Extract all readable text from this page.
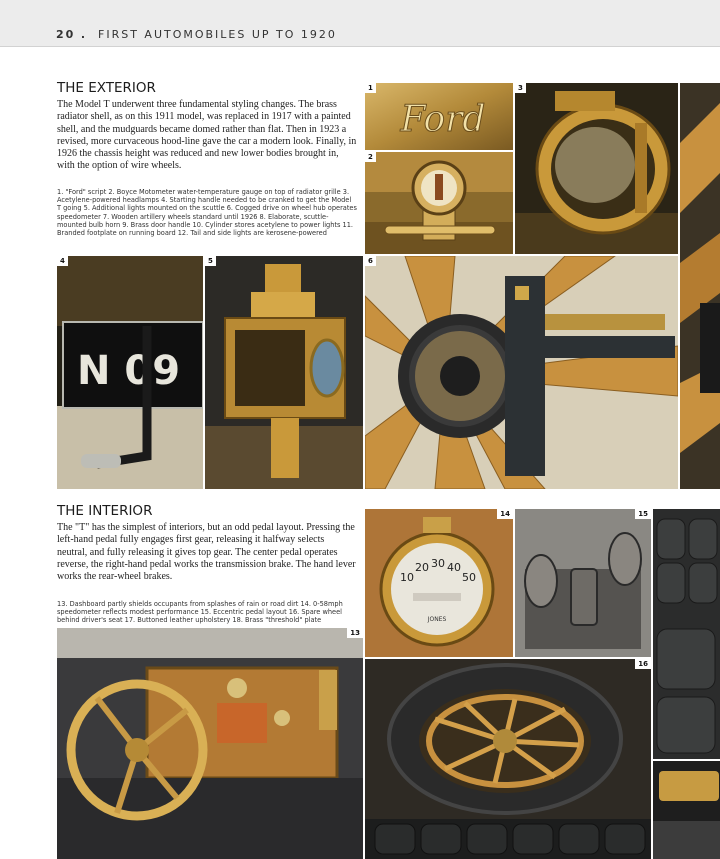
20 . FIRST AUTOMOBILES UP TO 1920
THE EXTERIOR
The Model T underwent three fundamental styling changes. The brass radiator shell, as on this 1911 model, was replaced in 1917 with a painted shell, and the mudguards became domed rather than flat. Then in 1923 a revised, more curvaceous hood-line gave the car a modern look. Finally, in 1926 the chassis height was reduced and new lower bodies brought in, with the option of wire wheels.
1. "Ford" script 2. Boyce Motometer water-temperature gauge on top of radiator grille 3. Acetylene-powered headlamps 4. Starting handle needed to be cranked to get the Model T going 5. Additional lights mounted on the scuttle 6. Cogged drive on wheel hub operates speedometer 7. Wooden artillery wheels standard until 1926 8. Elaborate, scuttle-mounted bulb horn 9. Brass door handle 10. Cylinder stores acetylene to power lights 11. Branded footplate on running board 12. Tail and side lights are kerosene-powered
Ford
1
2
3
N 09
4	5	6
THE INTERIOR
The "T" has the simplest of interiors, but an odd pedal layout. Pressing the left-hand pedal fully engages first gear, releasing it halfway selects neutral, and fully releasing it gives top gear. The center pedal operates reverse, the right-hand pedal works the transmission brake. The hand lever works the rear-wheel brakes.
13. Dashboard partly shields occupants from splashes of rain or road dirt 14. 0-58mph speedometer reflects modest performance 15. Eccentric pedal layout 16. Spare wheel behind driver's seat 17. Buttoned leather upholstery 18. Brass "threshold" plate
13
10
20 30 40
50
JONES
14	15
16
